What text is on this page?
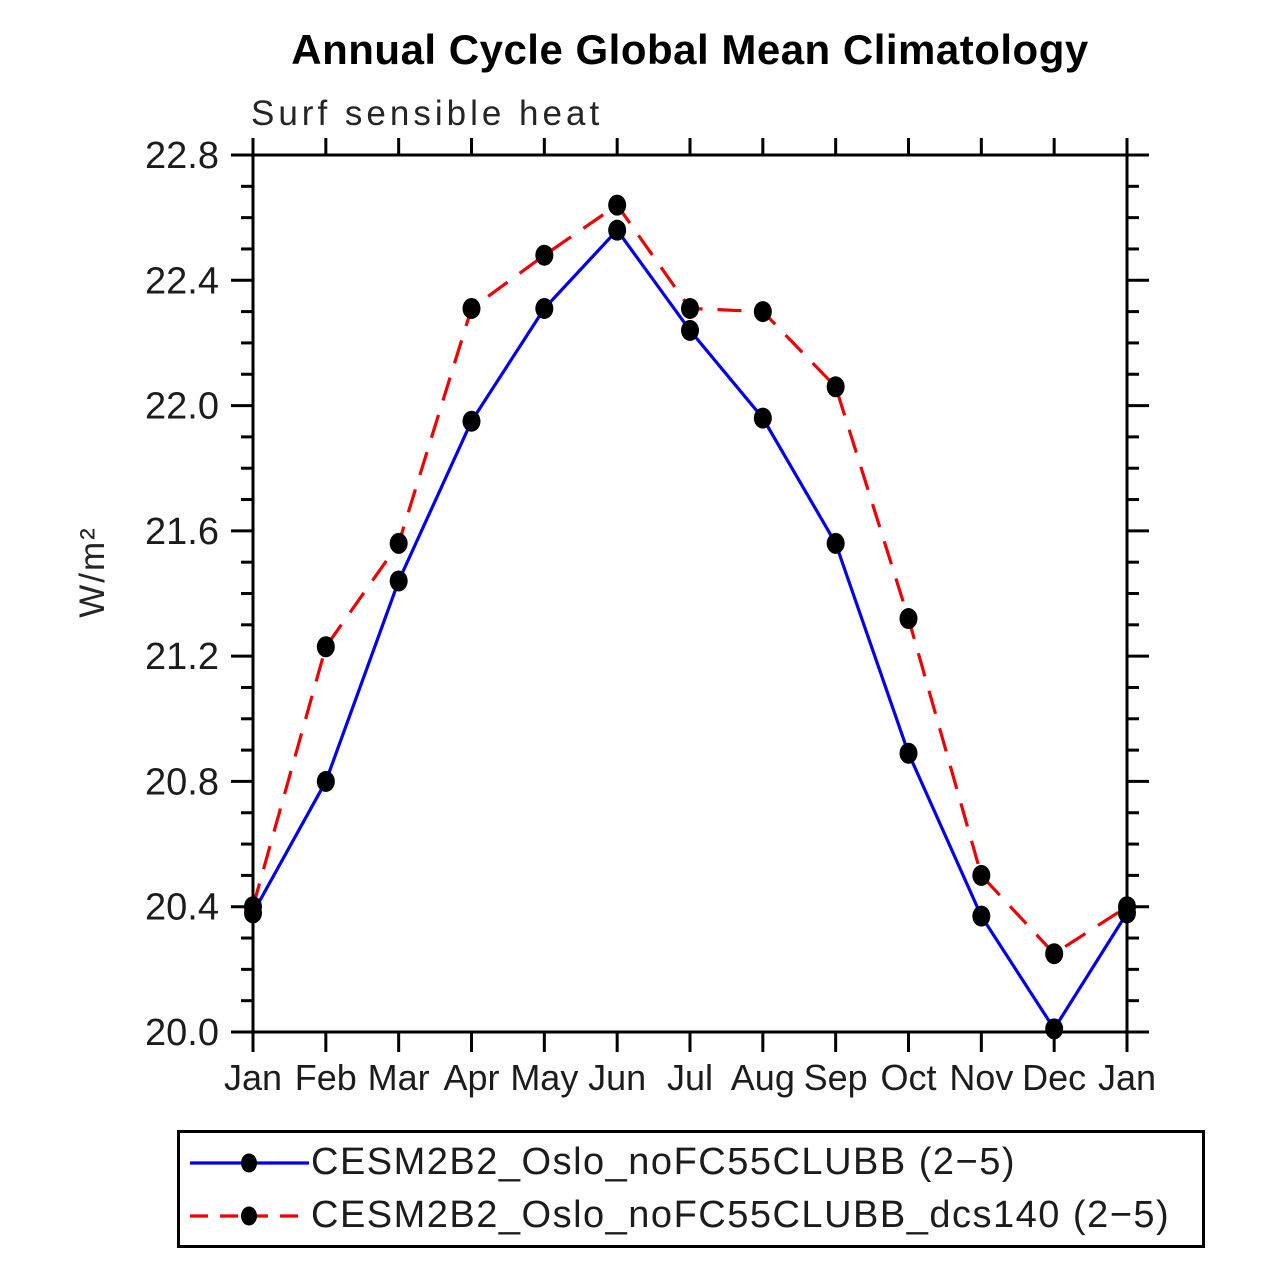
Jan Feb Mar Apr May Jun Jul Aug Sep Oct Nov Dec Jan
20.0
20.4
20.8
21.2
21.6
22.0
22.4
22.8
Annual Cycle Global Mean Climatology
Surf sensible heat
W/m²
CESM2B2_Oslo_noFC55CLUBB (2−5)
CESM2B2_Oslo_noFC55CLUBB_dcs140 (2−5)
